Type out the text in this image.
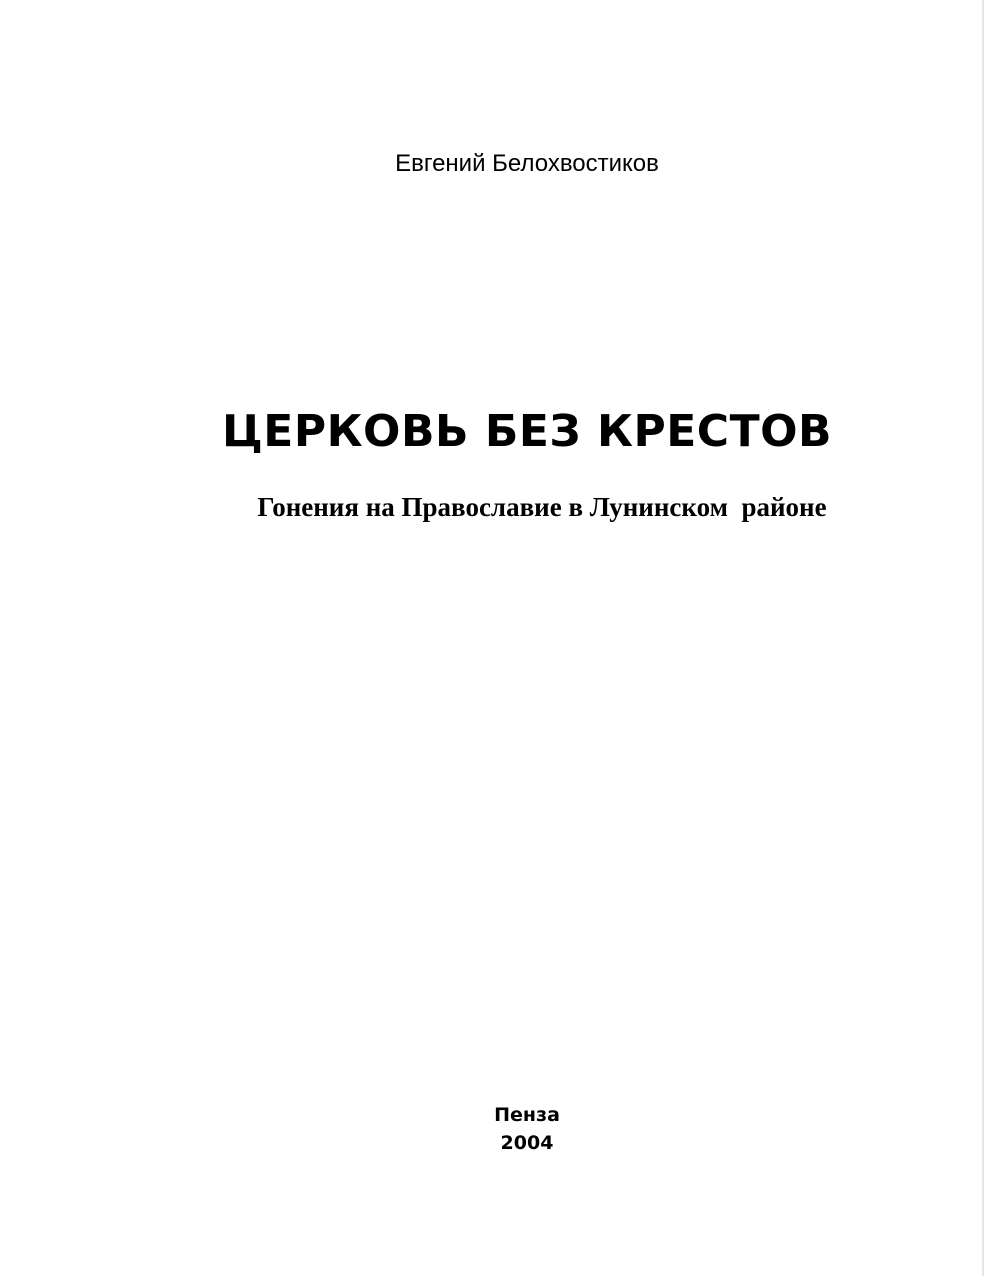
Евгений Белохвостиков
ЦЕРКОВЬ БЕЗ КРЕСТОВ
Гонения на Православие в Лунинском  районе
Пенза
2004
